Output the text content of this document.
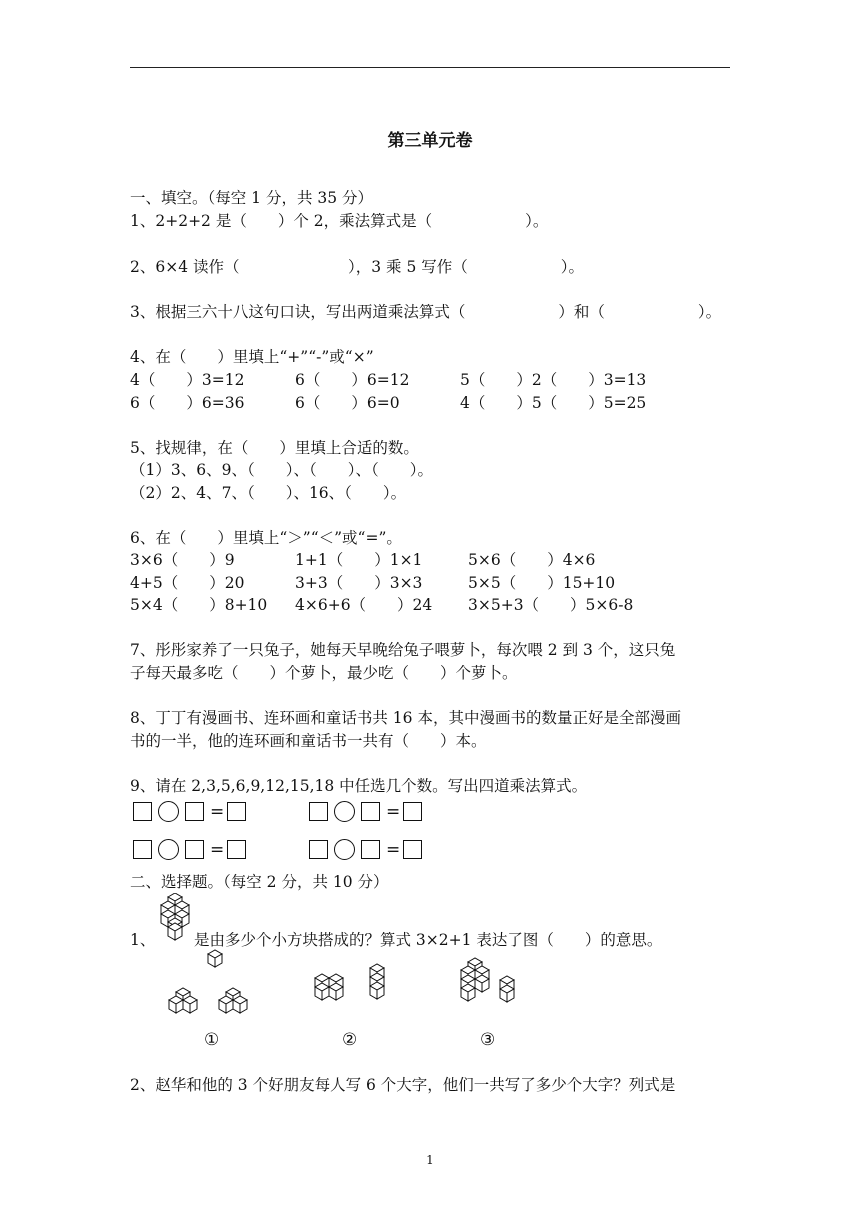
第三单元卷
一、填空。（每空 1 分，共 35 分）
1、2+2+2 是（　　）个 2，乘法算式是（　　　　　　）。
2、6×4 读作（　　　　　　　），3 乘 5 写作（　　　　　　）。
3、根据三六十八这句口诀，写出两道乘法算式（　　　　　　）和（　　　　　　）。
4、在（　　）里填上“+”“-”或“×”
4（　　）3=12	6（　　）6=12	5（　　）2（　　）3=13
6（　　）6=36	6（　　）6=0	4（　　）5（　　）5=25
5、找规律，在（　　）里填上合适的数。
（1）3、6、9、（　　）、（　　）、（　　）。
（2）2、4、7、（　　）、16、（　　）。
6、在（　　）里填上“＞”“＜”或“=”。
3×6（　　）9	1+1（　　）1×1	5×6（　　）4×6
4+5（　　）20	3+3（　　）3×3	5×5（　　）15+10
5×4（　　）8+10 4×6+6（　　）24 3×5+3（　　）5×6-8
7、彤彤家养了一只兔子，她每天早晚给兔子喂萝卜，每次喂 2 到 3 个，这只兔
子每天最多吃（　　）个萝卜，最少吃（　　）个萝卜。
8、丁丁有漫画书、连环画和童话书共 16 本，其中漫画书的数量正好是全部漫画
书的一半，他的连环画和童话书一共有（　　）本。
9、请在 2,3,5,6,9,12,15,18 中任选几个数。写出四道乘法算式。
=	=
=	=
二、选择题。（每空 2 分，共 10 分）
1、 是由多少个小方块搭成的？算式 3×2+1 表达了图（　　）的意思。
①	②	③
2、赵华和他的 3 个好朋友每人写 6 个大字，他们一共写了多少个大字？列式是
1
